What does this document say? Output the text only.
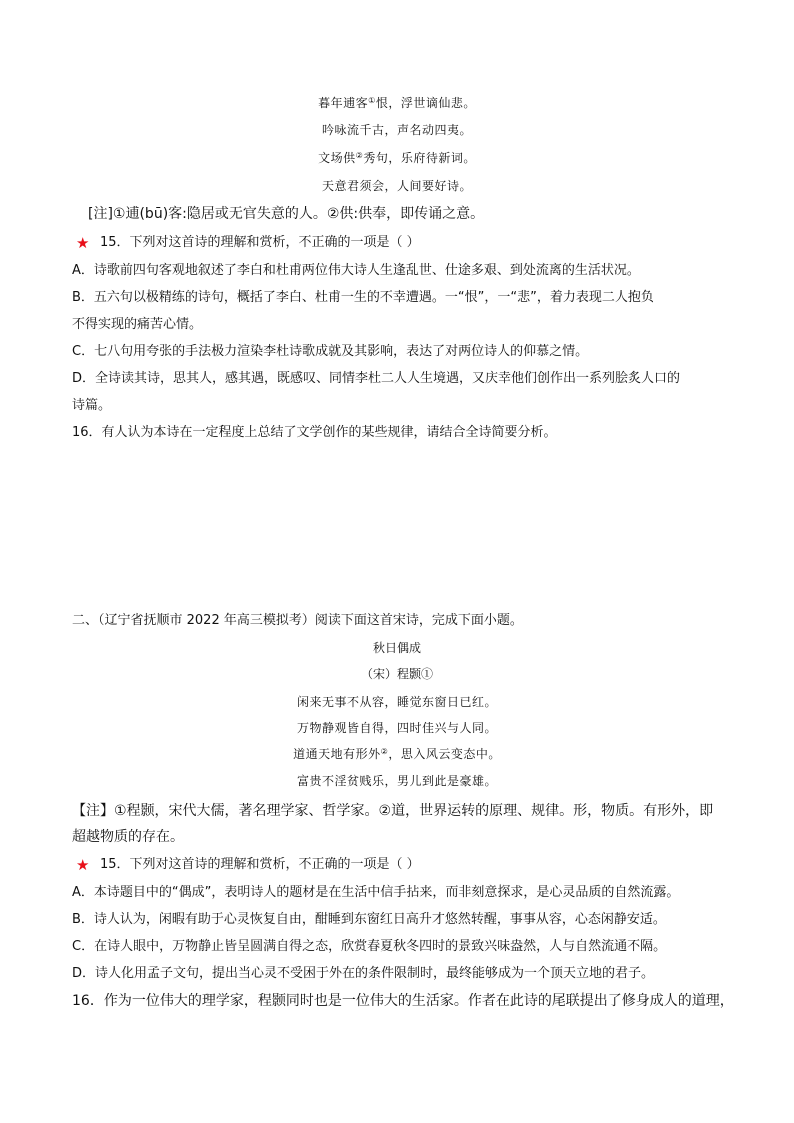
暮年逋客①恨，浮世谪仙悲。
吟咏流千古，声名动四夷。
文场供②秀句，乐府待新词。
天意君须会，人间要好诗。
[注]①逋(bū)客:隐居或无官失意的人。②供:供奉，即传诵之意。
★ 15．下列对这首诗的理解和赏析，不正确的一项是（ ）
A．诗歌前四句客观地叙述了李白和杜甫两位伟大诗人生逢乱世、仕途多艰、到处流离的生活状况。
B．五六句以极精练的诗句，概括了李白、杜甫一生的不幸遭遇。一“恨”，一“悲”，着力表现二人抱负
不得实现的痛苦心情。
C．七八句用夸张的手法极力渲染李杜诗歌成就及其影响，表达了对两位诗人的仰慕之情。
D．全诗读其诗，思其人，感其遇，既感叹、同情李杜二人人生境遇，又庆幸他们创作出一系列脍炙人口的
诗篇。
16．有人认为本诗在一定程度上总结了文学创作的某些规律，请结合全诗简要分析。
二、（辽宁省抚顺市 2022 年高三模拟考）阅读下面这首宋诗，完成下面小题。
秋日偶成
（宋）程颢①
闲来无事不从容，睡觉东窗日已红。
万物静观皆自得，四时佳兴与人同。
道通天地有形外②，思入风云变态中。
富贵不淫贫贱乐，男儿到此是豪雄。
【注】①程颢，宋代大儒，著名理学家、哲学家。②道，世界运转的原理、规律。形，物质。有形外，即
超越物质的存在。
★ 15．下列对这首诗的理解和赏析，不正确的一项是（ ）
A．本诗题目中的“偶成”，表明诗人的题材是在生活中信手拈来，而非刻意探求，是心灵品质的自然流露。
B．诗人认为，闲暇有助于心灵恢复自由，酣睡到东窗红日高升才悠然转醒，事事从容，心态闲静安适。
C．在诗人眼中，万物静止皆呈圆满自得之态，欣赏春夏秋冬四时的景致兴味盎然，人与自然流通不隔。
D．诗人化用孟子文句，提出当心灵不受困于外在的条件限制时，最终能够成为一个顶天立地的君子。
16．作为一位伟大的理学家，程颢同时也是一位伟大的生活家。作者在此诗的尾联提出了修身成人的道理，
